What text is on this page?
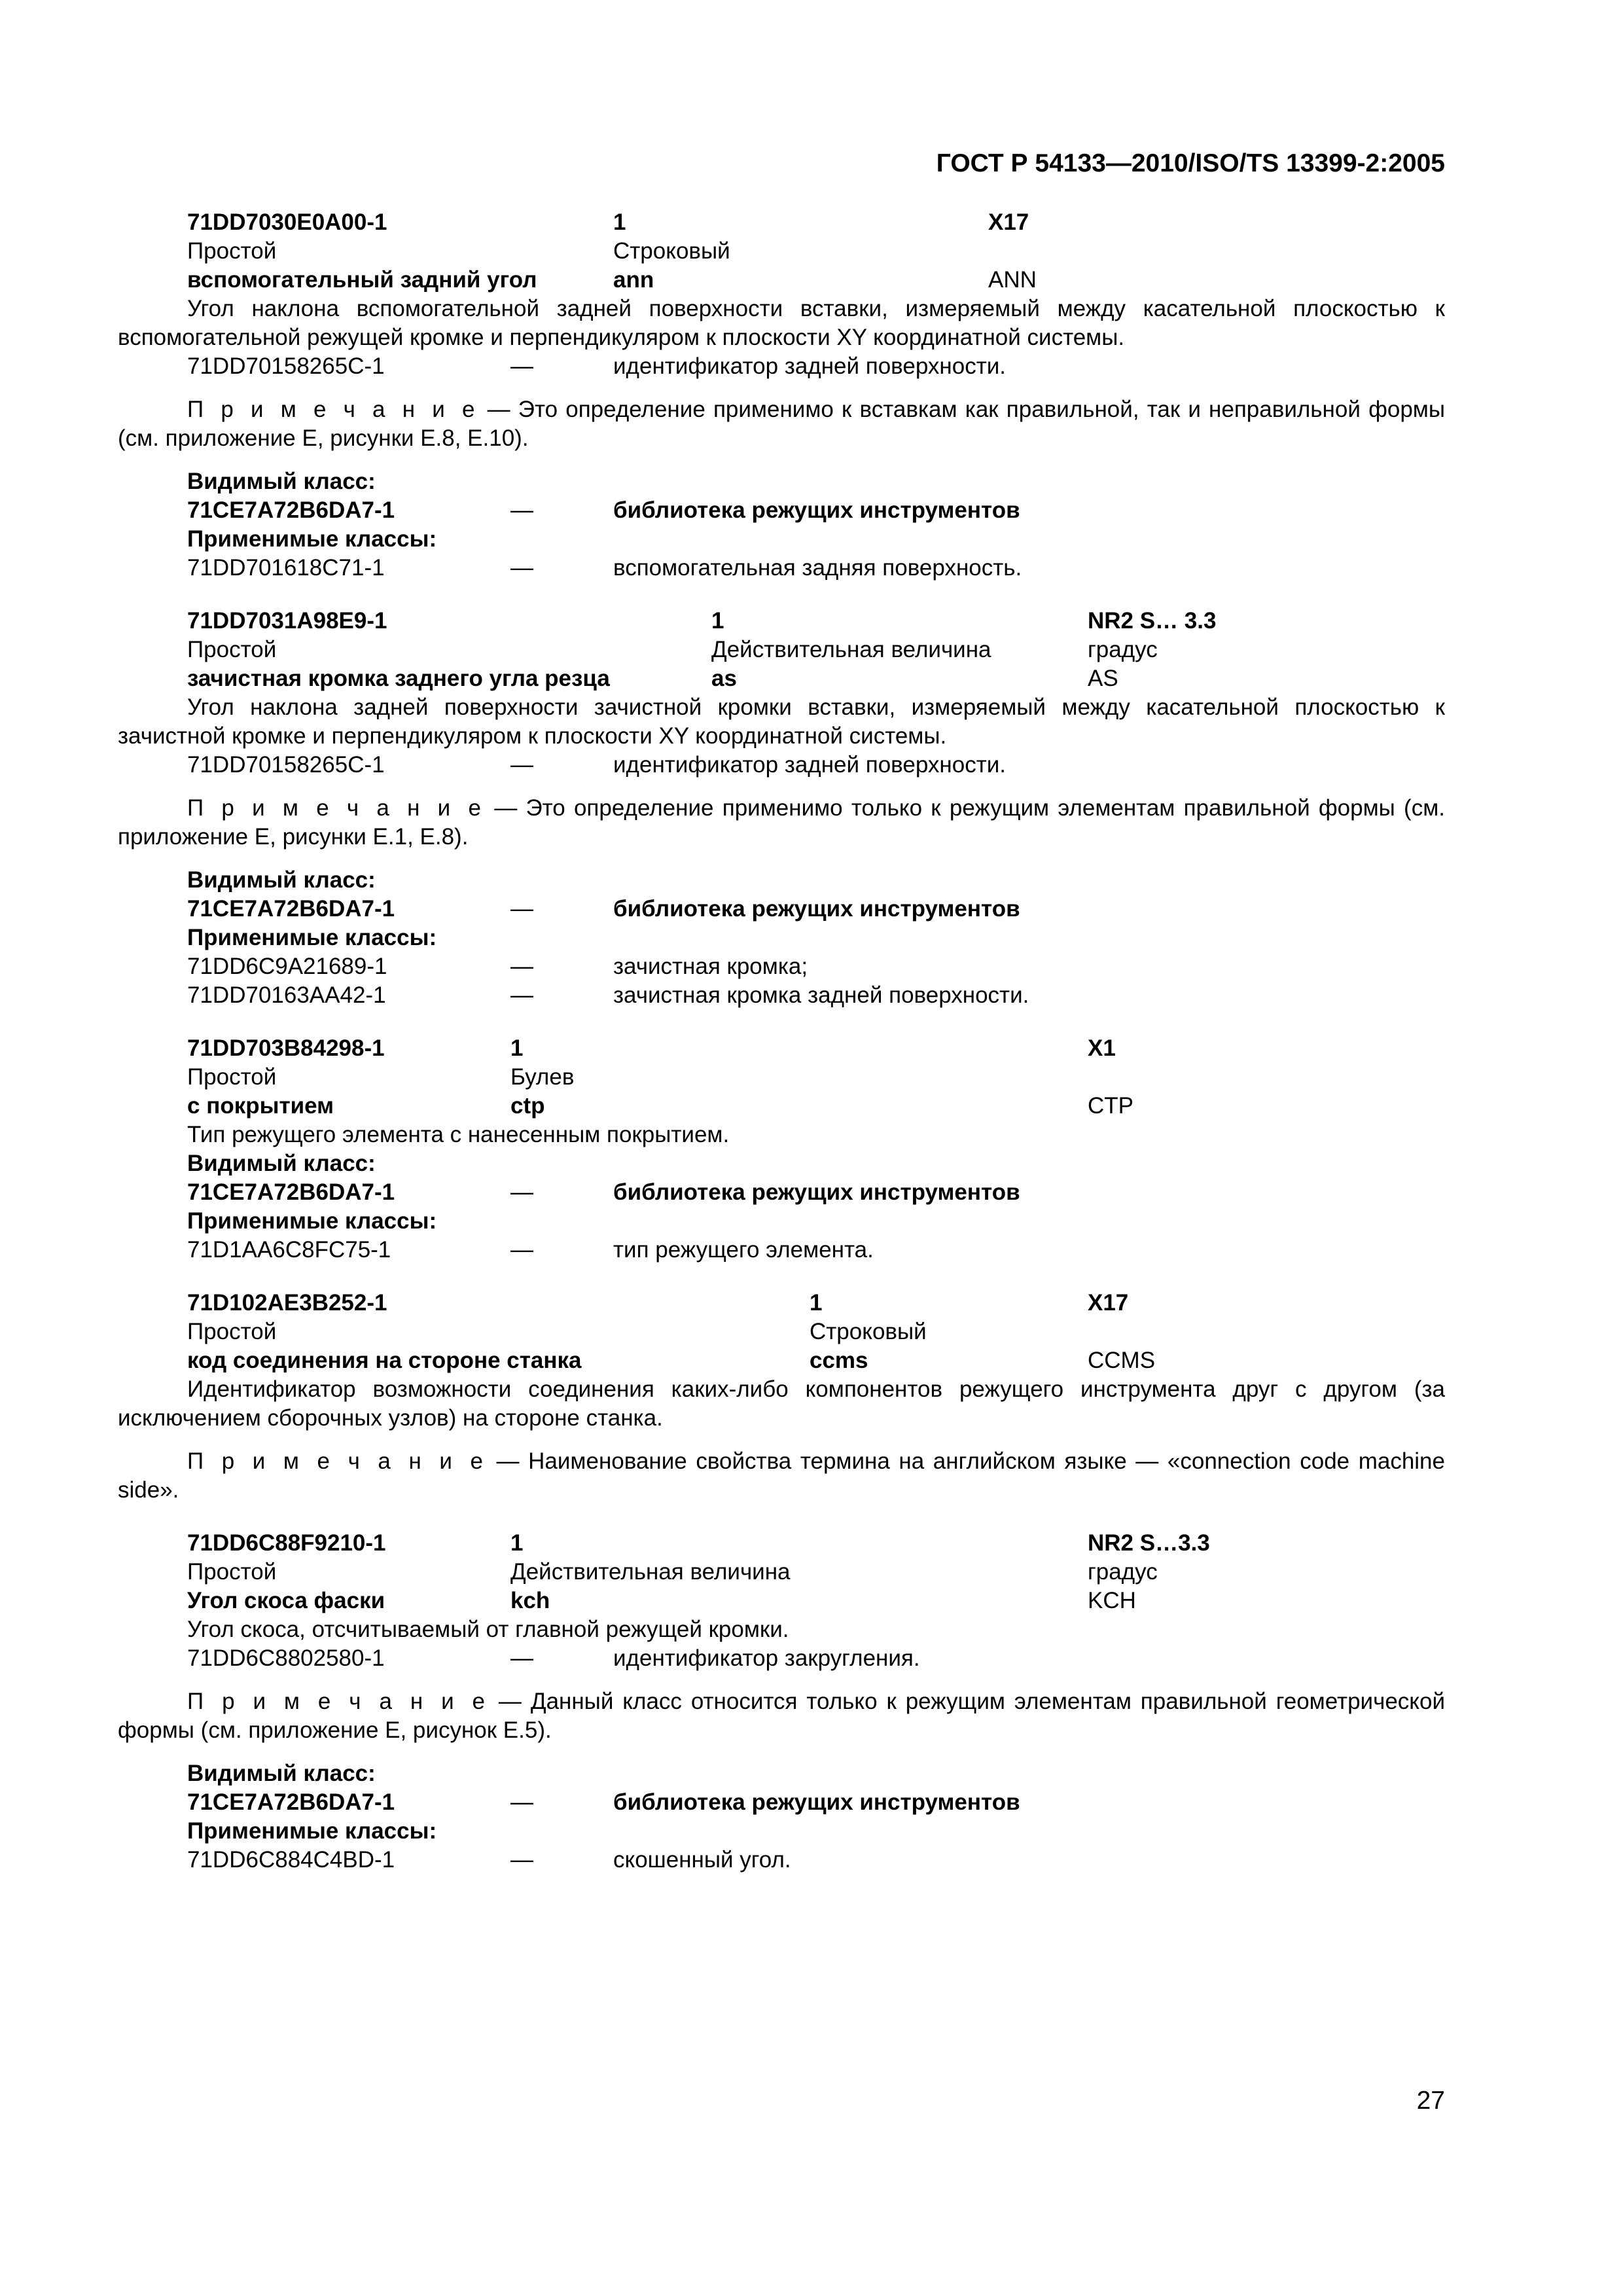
ГОСТ Р 54133—2010/ISO/TS 13399-2:2005
71DD7030E0A00-1	1	X17
Простой	Строковый
вспомогательный задний угол	ann	ANN

Угол наклона вспомогательной задней поверхности вставки, измеряемый между касательной плоскостью к вспомогательной режущей кромке и перпендикуляром к плоскости XY координатной системы.

71DD70158265C-1	—	идентификатор задней поверхности.

П р и м е ч а н и е — Это определение применимо к вставкам как правильной, так и неправильной формы (см. приложение Е, рисунки Е.8, Е.10).

Видимый класс:
71CE7A72B6DA7-1	—	библиотека режущих инструментов
Применимые классы:
71DD701618C71-1	—	вспомогательная задняя поверхность.
71DD7031A98E9-1	1	NR2 S… 3.3
Простой	Действительная величина	градус
зачистная кромка заднего угла резца	as	AS

Угол наклона задней поверхности зачистной кромки вставки, измеряемый между касательной плоскостью к зачистной кромке и перпендикуляром к плоскости XY координатной системы.

71DD70158265C-1	—	идентификатор задней поверхности.

П р и м е ч а н и е — Это определение применимо только к режущим элементам правильной формы (см. приложение Е, рисунки Е.1, Е.8).

Видимый класс:
71CE7A72B6DA7-1	—	библиотека режущих инструментов
Применимые классы:
71DD6C9A21689-1	—	зачистная кромка;
71DD70163AA42-1	—	зачистная кромка задней поверхности.
71DD703B84298-1	1	X1
Простой	Булев
с покрытием	ctp	CTP
Тип режущего элемента с нанесенным покрытием.
Видимый класс:
71CE7A72B6DA7-1	—	библиотека режущих инструментов
Применимые классы:
71D1AA6C8FC75-1	—	тип режущего элемента.
71D102AE3B252-1	1	X17
Простой	Строковый
код соединения на стороне станка	ccms	CCMS

Идентификатор возможности соединения каких-либо компонентов режущего инструмента друг с другом (за исключением сборочных узлов) на стороне станка.

П р и м е ч а н и е — Наименование свойства термина на английском языке — «connection code machine side».

71DD6C88F9210-1	1	NR2 S…3.3
Простой	Действительная величина	градус
Угол скоса фаски	kch	KCH
Угол скоса, отсчитываемый от главной режущей кромки.
71DD6C8802580-1	—	идентификатор закругления.

П р и м е ч а н и е — Данный класс относится только к режущим элементам правильной геометрической формы (см. приложение Е, рисунок Е.5).

Видимый класс:
71CE7A72B6DA7-1	—	библиотека режущих инструментов
Применимые классы:
71DD6C884C4BD-1	—	скошенный угол.
27
